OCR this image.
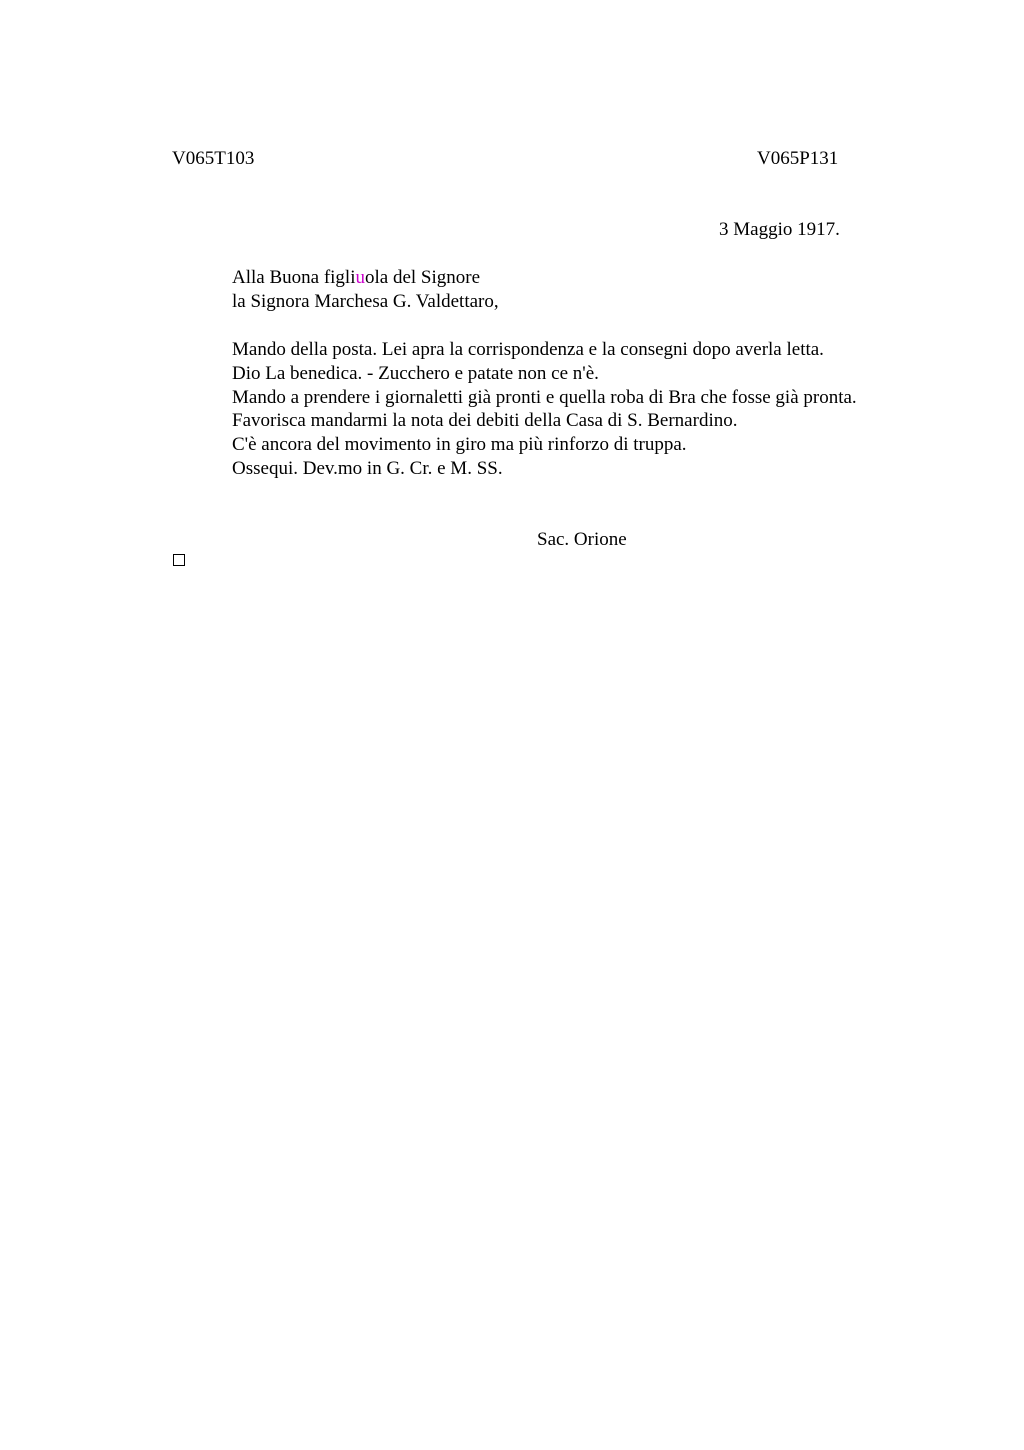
V065T103	V065P131
3 Maggio 1917.
Alla Buona figliuola del Signore
la Signora Marchesa G. Valdettaro,
Mando della posta. Lei apra la corrispondenza e la consegni dopo averla letta.
Dio La benedica. - Zucchero e patate non ce n'è.
Mando a prendere i giornaletti già pronti e quella roba di Bra che fosse già pronta.
Favorisca mandarmi la nota dei debiti della Casa di S. Bernardino.
C'è ancora del movimento in giro ma più rinforzo di truppa.
Ossequi. Dev.mo in G. Cr. e M. SS.
Sac. Orione
